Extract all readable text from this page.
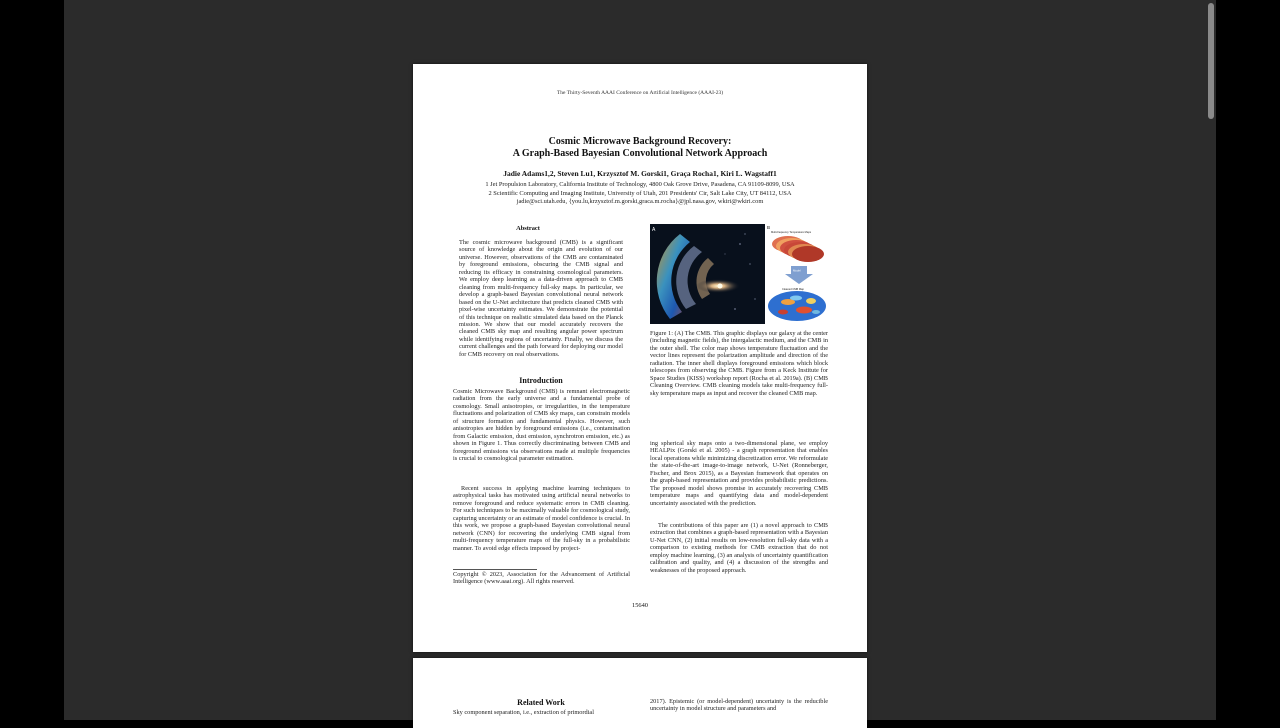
The Thirty-Seventh AAAI Conference on Artificial Intelligence (AAAI-23)
Cosmic Microwave Background Recovery:
A Graph-Based Bayesian Convolutional Network Approach
Jadie Adams1,2, Steven Lu1, Krzysztof M. Gorski1, Graça Rocha1, Kiri L. Wagstaff1
1 Jet Propulsion Laboratory, California Institute of Technology, 4800 Oak Grove Drive, Pasadena, CA 91109-8099, USA
2 Scientific Computing and Imaging Institute, University of Utah, 201 Presidents' Cir, Salt Lake City, UT 84112, USA
jadie@sci.utah.edu, {you.lu,krzysztof.m.gorski,graca.m.rocha}@jpl.nasa.gov, wkiri@wkiri.com
Abstract
The cosmic microwave background (CMB) is a significant source of knowledge about the origin and evolution of our universe. However, observations of the CMB are contaminated by foreground emissions, obscuring the CMB signal and reducing its efficacy in constraining cosmological parameters. We employ deep learning as a data-driven approach to CMB cleaning from multi-frequency full-sky maps. In particular, we develop a graph-based Bayesian convolutional neural network based on the U-Net architecture that predicts cleaned CMB with pixel-wise uncertainty estimates. We demonstrate the potential of this technique on realistic simulated data based on the Planck mission. We show that our model accurately recovers the cleaned CMB sky map and resulting angular power spectrum while identifying regions of uncertainty. Finally, we discuss the current challenges and the path forward for deploying our model for CMB recovery on real observations.
Introduction
Cosmic Microwave Background (CMB) is remnant electromagnetic radiation from the early universe and a fundamental probe of cosmology. Small anisotropies, or irregularities, in the temperature fluctuations and polarization of CMB sky maps, can constrain models of structure formation and fundamental physics. However, such anisotropies are hidden by foreground emissions (i.e., contamination from Galactic emission, dust emission, synchrotron emission, etc.) as shown in Figure 1. Thus correctly discriminating between CMB and foreground emissions via observations made at multiple frequencies is crucial to cosmological parameter estimation.
Recent success in applying machine learning techniques to astrophysical tasks has motivated using artificial neural networks to remove foreground and reduce systematic errors in CMB cleaning. For such techniques to be maximally valuable for cosmological study, capturing uncertainty or an estimate of model confidence is crucial. In this work, we propose a graph-based Bayesian convolutional neural network (CNN) for recovering the underlying CMB signal from multi-frequency temperature maps of the full-sky in a probabilistic manner. To avoid edge effects imposed by project-
Copyright © 2023, Association for the Advancement of Artificial Intelligence (www.aaai.org). All rights reserved.
A	B
Multi-frequency Temperature Maps
Model
Cleaned CMB Map
Figure 1: (A) The CMB. This graphic displays our galaxy at the center (including magnetic fields), the intergalactic medium, and the CMB in the outer shell. The color map shows temperature fluctuation and the vector lines represent the polarization amplitude and direction of the radiation. The inner shell displays foreground emissions which block telescopes from observing the CMB. Figure from a Keck Institute for Space Studies (KISS) workshop report (Rocha et al. 2019a). (B) CMB Cleaning Overview. CMB cleaning models take multi-frequency full-sky temperature maps as input and recover the cleaned CMB map.
ing spherical sky maps onto a two-dimensional plane, we employ HEALPix (Gorski et al. 2005) - a graph representation that enables local operations while minimizing discretization error. We reformulate the state-of-the-art image-to-image network, U-Net (Ronneberger, Fischer, and Brox 2015), as a Bayesian framework that operates on the graph-based representation and provides probabilistic predictions. The proposed model shows promise in accurately recovering CMB temperature maps and quantifying data and model-dependent uncertainty associated with the prediction.
The contributions of this paper are (1) a novel approach to CMB extraction that combines a graph-based representation with a Bayesian U-Net CNN, (2) initial results on low-resolution full-sky data with a comparison to existing methods for CMB extraction that do not employ machine learning, (3) an analysis of uncertainty quantification calibration and quality, and (4) a discussion of the strengths and weaknesses of the proposed approach.
15640
Related Work
Sky component separation, i.e., extraction of primordial
2017). Epistemic (or model-dependent) uncertainty is the reducible uncertainty in model structure and parameters and
